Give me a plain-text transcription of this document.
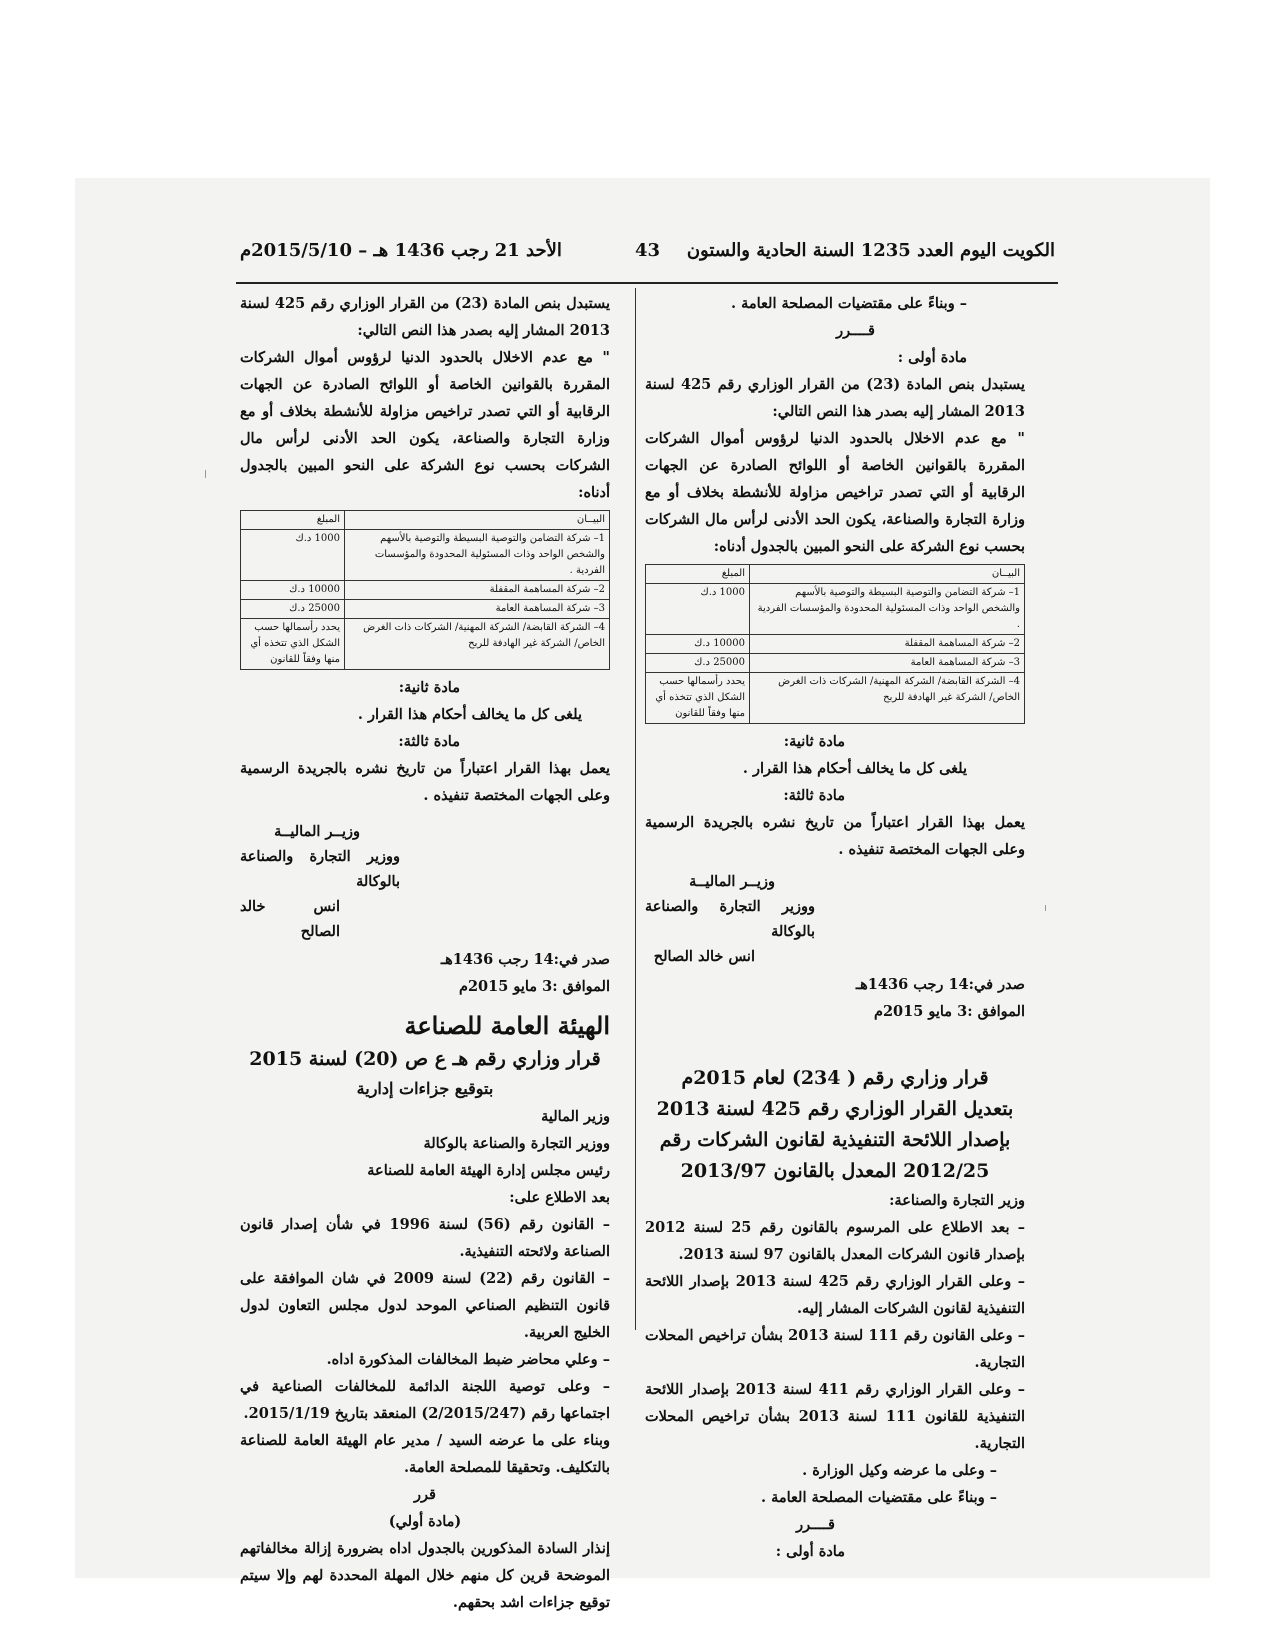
الكويت اليوم العدد 1235 السنة الحادية والستون
43
الأحد 21 رجب 1436 هـ – 2015/5/10م

– وبناءً على مقتضيات المصلحة العامة .

قــــرر

مادة أولى :

يستبدل بنص المادة (23) من القرار الوزاري رقم 425 لسنة 2013 المشار إليه بصدر هذا النص التالي:

" مع عدم الاخلال بالحدود الدنيا لرؤوس أموال الشركات المقررة بالقوانين الخاصة أو اللوائح الصادرة عن الجهات الرقابية أو التي تصدر تراخيص مزاولة للأنشطة بخلاف أو مع وزارة التجارة والصناعة، يكون الحد الأدنى لرأس مال الشركات بحسب نوع الشركة على النحو المبين بالجدول أدناه:

البيــان	المبلغ
1– شركة التضامن والتوصية البسيطة والتوصية بالأسهم والشخص الواحد وذات المسئولية المحدودة والمؤسسات الفردية .	1000 د.ك
2– شركة المساهمة المقفلة	10000 د.ك
3– شركة المساهمة العامة	25000 د.ك
4– الشركة القابضة/ الشركة المهنية/ الشركات ذات الغرض الخاص/ الشركة غير الهادفة للربح	يحدد رأسمالها حسب الشكل الذي تتخذه أي منها وفقاً للقانون

مادة ثانية:

يلغى كل ما يخالف أحكام هذا القرار .

مادة ثالثة:

يعمل بهذا القرار اعتباراً من تاريخ نشره بالجريدة الرسمية وعلى الجهات المختصة تنفيذه .

وزيــر الماليــة

ووزير التجارة والصناعة بالوكالة

انس خالد الصالح

صدر في:14 رجب 1436هـ

الموافق :3 مايو 2015م

قرار وزاري رقم ( 234) لعام 2015م

بتعديل القرار الوزاري رقم 425 لسنة 2013

بإصدار اللائحة التنفيذية لقانون الشركات رقم

2012/25 المعدل بالقانون 2013/97

وزير التجارة والصناعة:

– بعد الاطلاع على المرسوم بالقانون رقم 25 لسنة 2012 بإصدار قانون الشركات المعدل بالقانون 97 لسنة 2013.

– وعلى القرار الوزاري رقم 425 لسنة 2013 بإصدار اللائحة التنفيذية لقانون الشركات المشار إليه.

– وعلى القانون رقم 111 لسنة 2013 بشأن تراخيص المحلات التجارية.

– وعلى القرار الوزاري رقم 411 لسنة 2013 بإصدار اللائحة التنفيذية للقانون 111 لسنة 2013 بشأن تراخيص المحلات التجارية.

– وعلى ما عرضه وكيل الوزارة .

– وبناءً على مقتضيات المصلحة العامة .

قــــرر

مادة أولى :

يستبدل بنص المادة (23) من القرار الوزاري رقم 425 لسنة 2013 المشار إليه بصدر هذا النص التالي:

" مع عدم الاخلال بالحدود الدنيا لرؤوس أموال الشركات المقررة بالقوانين الخاصة أو اللوائح الصادرة عن الجهات الرقابية أو التي تصدر تراخيص مزاولة للأنشطة بخلاف أو مع وزارة التجارة والصناعة، يكون الحد الأدنى لرأس مال الشركات بحسب نوع الشركة على النحو المبين بالجدول أدناه:

البيــان	المبلغ
1– شركة التضامن والتوصية البسيطة والتوصية بالأسهم والشخص الواحد وذات المسئولية المحدودة والمؤسسات الفردية .	1000 د.ك
2– شركة المساهمة المقفلة	10000 د.ك
3– شركة المساهمة العامة	25000 د.ك
4– الشركة القابضة/ الشركة المهنية/ الشركات ذات الغرض الخاص/ الشركة غير الهادفة للربح	يحدد رأسمالها حسب الشكل الذي تتخذه أي منها وفقاً للقانون

مادة ثانية:

يلغى كل ما يخالف أحكام هذا القرار .

مادة ثالثة:

يعمل بهذا القرار اعتباراً من تاريخ نشره بالجريدة الرسمية وعلى الجهات المختصة تنفيذه .

وزيــر الماليــة

ووزير التجارة والصناعة بالوكالة

انس خالد الصالح

صدر في:14 رجب 1436هـ

الموافق :3 مايو 2015م

الهيئة العامة للصناعة

قرار وزاري رقم هـ ع ص (20) لسنة 2015

بتوقيع جزاءات إدارية

وزير المالية

ووزير التجارة والصناعة بالوكالة

رئيس مجلس إدارة الهيئة العامة للصناعة

بعد الاطلاع على:

– القانون رقم (56) لسنة 1996 في شأن إصدار قانون الصناعة ولائحته التنفيذية.

– القانون رقم (22) لسنة 2009 في شان الموافقة على قانون التنظيم الصناعي الموحد لدول مجلس التعاون لدول الخليج العربية.

– وعلي محاضر ضبط المخالفات المذكورة اداه.

– وعلى توصية اللجنة الدائمة للمخالفات الصناعية في اجتماعها رقم (2/2015/247) المنعقد بتاريخ 2015/1/19.

وبناء على ما عرضه السيد / مدير عام الهيئة العامة للصناعة بالتكليف. وتحقيقا للمصلحة العامة.

قرر

(مادة أولي)

إنذار السادة المذكورين بالجدول اداه بضرورة إزالة مخالفاتهم الموضحة قرين كل منهم خلال المهلة المحددة لهم وإلا سيتم توقيع جزاءات اشد بحقهم.
